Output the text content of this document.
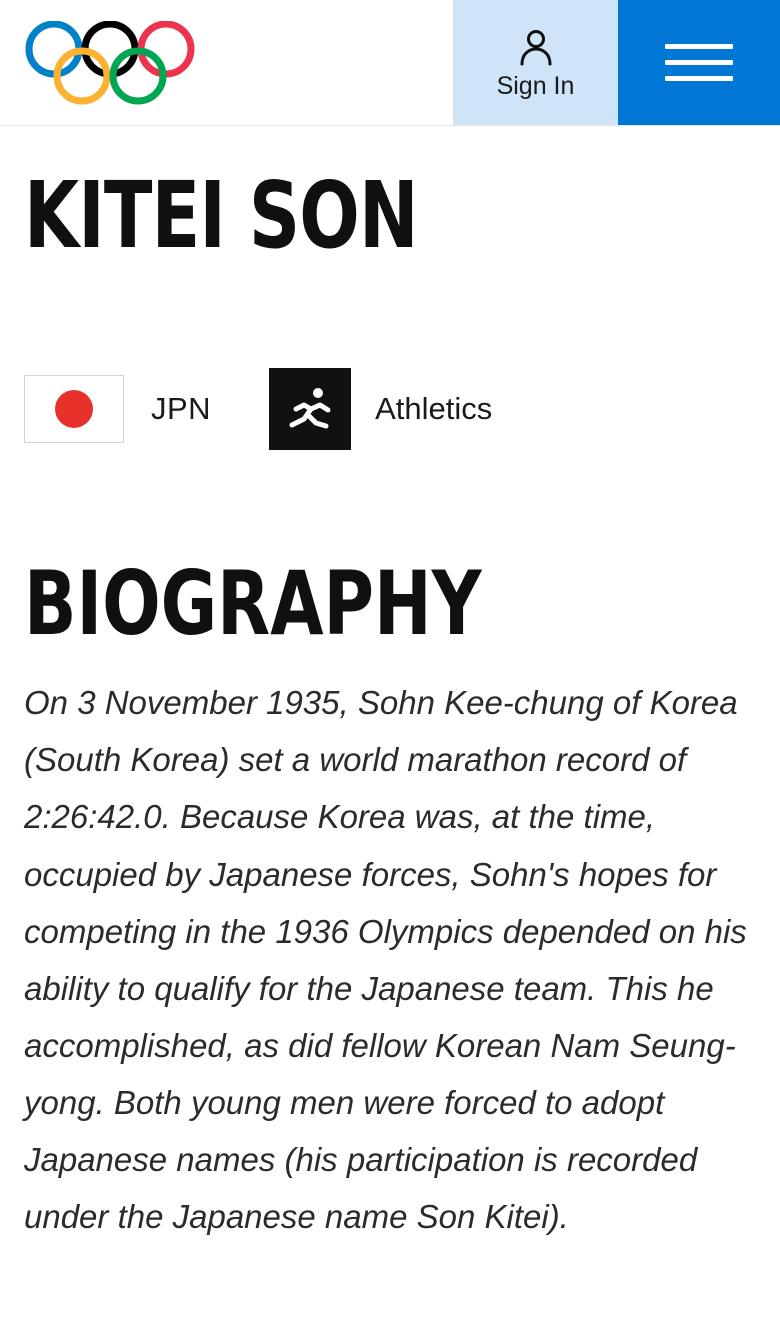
Sign In
KITEI SON
JPN	Athletics
BIOGRAPHY

On 3 November 1935, Sohn Kee-chung of Korea (South Korea) set a world marathon record of 2:26:42.0. Because Korea was, at the time, occupied by Japanese forces, Sohn's hopes for competing in the 1936 Olympics depended on his ability to qualify for the Japanese team. This he accomplished, as did fellow Korean Nam Seung-yong. Both young men were forced to adopt Japanese names (his participation is recorded under the Japanese name Son Kitei).
